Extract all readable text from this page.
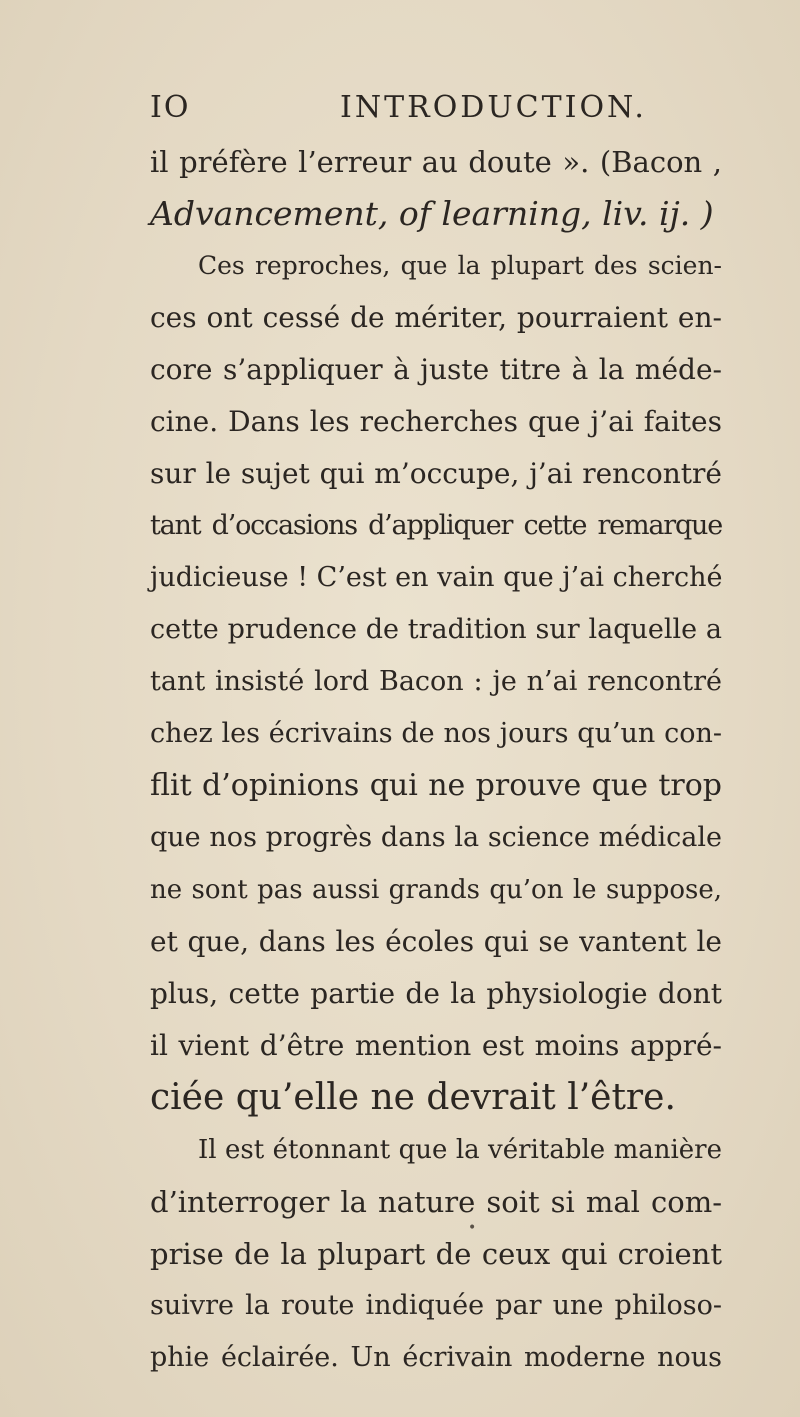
IO	INTRODUCTION.
il préfère l’erreur au doute ». (Bacon ,
Advancement, of learning, liv. ij. )
Ces reproches, que la plupart des scien-
ces ont cessé de mériter, pourraient en-
core s’appliquer à juste titre à la méde-
cine. Dans les recherches que j’ai faites
sur le sujet qui m’occupe, j’ai rencontré
tant d’occasions d’appliquer cette remarque
judicieuse ! C’est en vain que j’ai cherché
cette prudence de tradition sur laquelle a
tant insisté lord Bacon : je n’ai rencontré
chez les écrivains de nos jours qu’un con-
flit d’opinions qui ne prouve que trop
que nos progrès dans la science médicale
ne sont pas aussi grands qu’on le suppose,
et que, dans les écoles qui se vantent le
plus, cette partie de la physiologie dont
il vient d’être mention est moins appré-
ciée qu’elle ne devrait l’être.
Il est étonnant que la véritable manière
d’interroger la nature soit si mal com-
prise de la plupart de ceux qui croient
suivre la route indiquée par une philoso-
phie éclairée. Un écrivain moderne nous
•
